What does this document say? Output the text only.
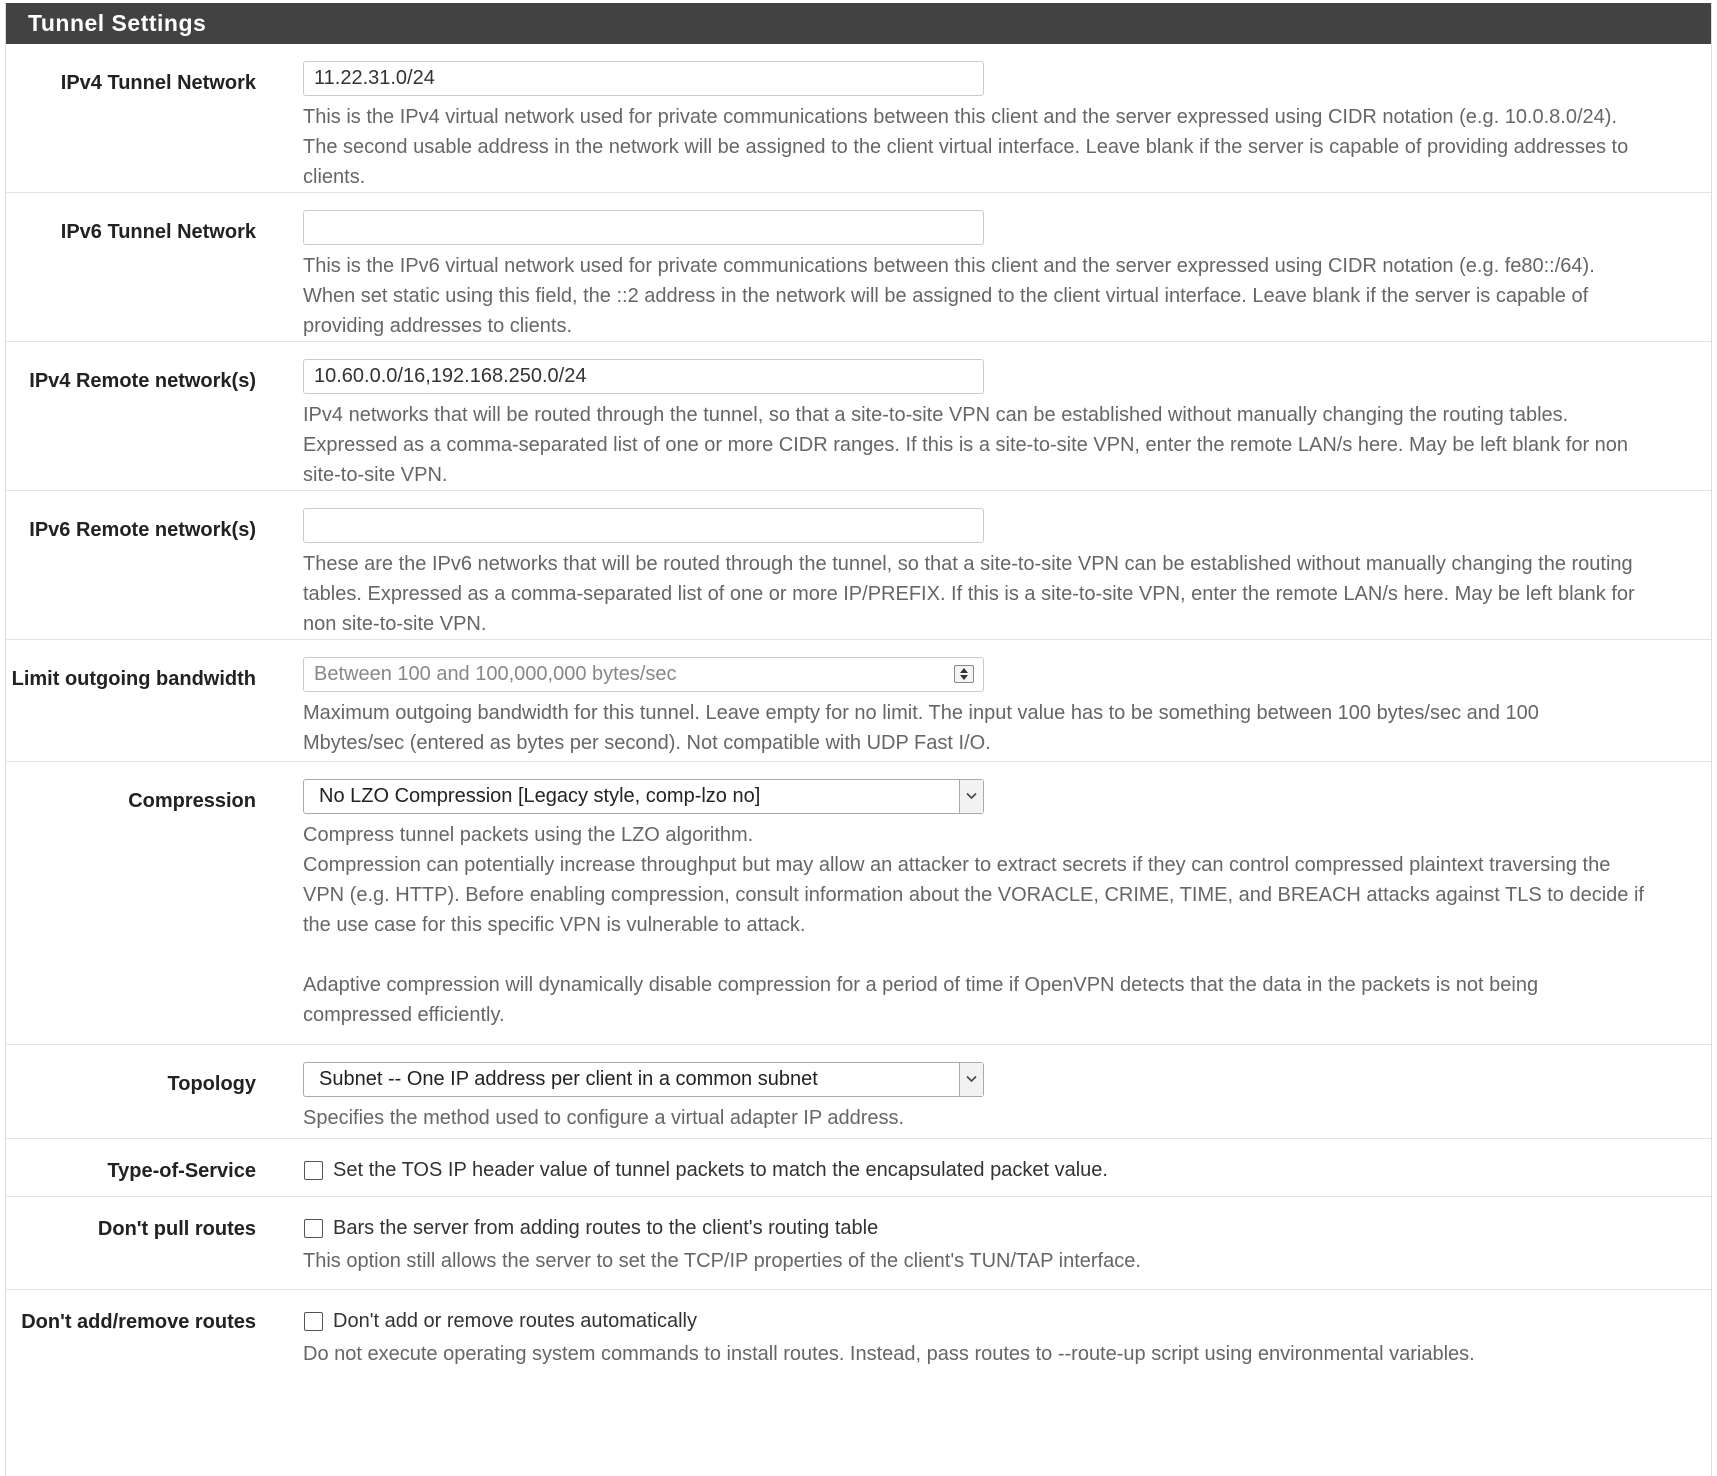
Tunnel Settings
IPv4 Tunnel Network	11.22.31.0/24

This is the IPv4 virtual network used for private communications between this client and the server expressed using CIDR notation (e.g. 10.0.8.0/24).

The second usable address in the network will be assigned to the client virtual interface. Leave blank if the server is capable of providing addresses to

clients.

IPv6 Tunnel Network

This is the IPv6 virtual network used for private communications between this client and the server expressed using CIDR notation (e.g. fe80::/64).

When set static using this field, the ::2 address in the network will be assigned to the client virtual interface. Leave blank if the server is capable of

providing addresses to clients.

IPv4 Remote network(s)	10.60.0.0/16,192.168.250.0/24

IPv4 networks that will be routed through the tunnel, so that a site-to-site VPN can be established without manually changing the routing tables.

Expressed as a comma-separated list of one or more CIDR ranges. If this is a site-to-site VPN, enter the remote LAN/s here. May be left blank for non

site-to-site VPN.

IPv6 Remote network(s)

These are the IPv6 networks that will be routed through the tunnel, so that a site-to-site VPN can be established without manually changing the routing

tables. Expressed as a comma-separated list of one or more IP/PREFIX. If this is a site-to-site VPN, enter the remote LAN/s here. May be left blank for

non site-to-site VPN.

Limit outgoing bandwidth	Between 100 and 100,000,000 bytes/sec

Maximum outgoing bandwidth for this tunnel. Leave empty for no limit. The input value has to be something between 100 bytes/sec and 100

Mbytes/sec (entered as bytes per second). Not compatible with UDP Fast I/O.

Compression	No LZO Compression [Legacy style, comp-lzo no]

Compress tunnel packets using the LZO algorithm.

Compression can potentially increase throughput but may allow an attacker to extract secrets if they can control compressed plaintext traversing the

VPN (e.g. HTTP). Before enabling compression, consult information about the VORACLE, CRIME, TIME, and BREACH attacks against TLS to decide if

the use case for this specific VPN is vulnerable to attack.

Adaptive compression will dynamically disable compression for a period of time if OpenVPN detects that the data in the packets is not being

compressed efficiently.

Topology	Subnet -- One IP address per client in a common subnet
Specifies the method used to configure a virtual adapter IP address.
Type-of-Service	Set the TOS IP header value of tunnel packets to match the encapsulated packet value.
Don't pull routes	Bars the server from adding routes to the client's routing table
This option still allows the server to set the TCP/IP properties of the client's TUN/TAP interface.
Don't add/remove routes	Don't add or remove routes automatically
Do not execute operating system commands to install routes. Instead, pass routes to --route-up script using environmental variables.
